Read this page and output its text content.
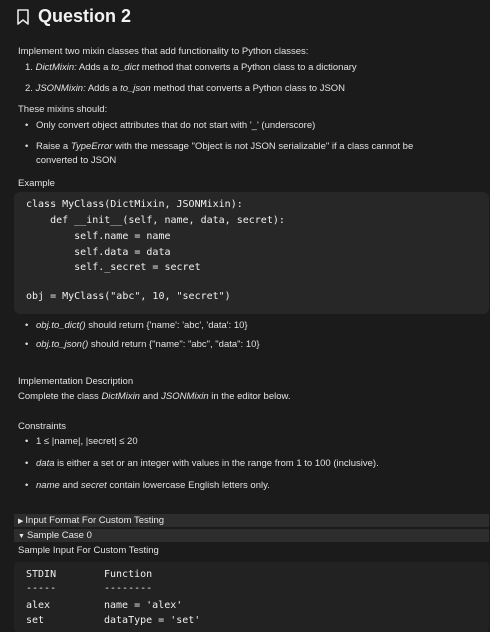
Question 2
Implement two mixin classes that add functionality to Python classes:
1. DictMixin: Adds a to_dict method that converts a Python class to a dictionary
2. JSONMixin: Adds a to_json method that converts a Python class to JSON
These mixins should:
• Only convert object attributes that do not start with '_' (underscore)
• Raise a TypeError with the message "Object is not JSON serializable" if a class cannot be
converted to JSON
Example
class MyClass(DictMixin, JSONMixin):
def __init__(self, name, data, secret):
self.name = name
self.data = data
self._secret = secret
obj = MyClass("abc", 10, "secret")
• obj.to_dict() should return {'name': 'abc', 'data': 10}
• obj.to_json() should return {"name": "abc", "data": 10}
Implementation Description
Complete the class DictMixin and JSONMixin in the editor below.
Constraints
• 1 ≤ |name|, |secret| ≤ 20
• data is either a set or an integer with values in the range from 1 to 100 (inclusive).
• name and secret contain lowercase English letters only.
▶ Input Format For Custom Testing
▼ Sample Case 0
Sample Input For Custom Testing
STDIN	Function
-----	--------
alex	name = 'alex'
set	dataType = 'set'
